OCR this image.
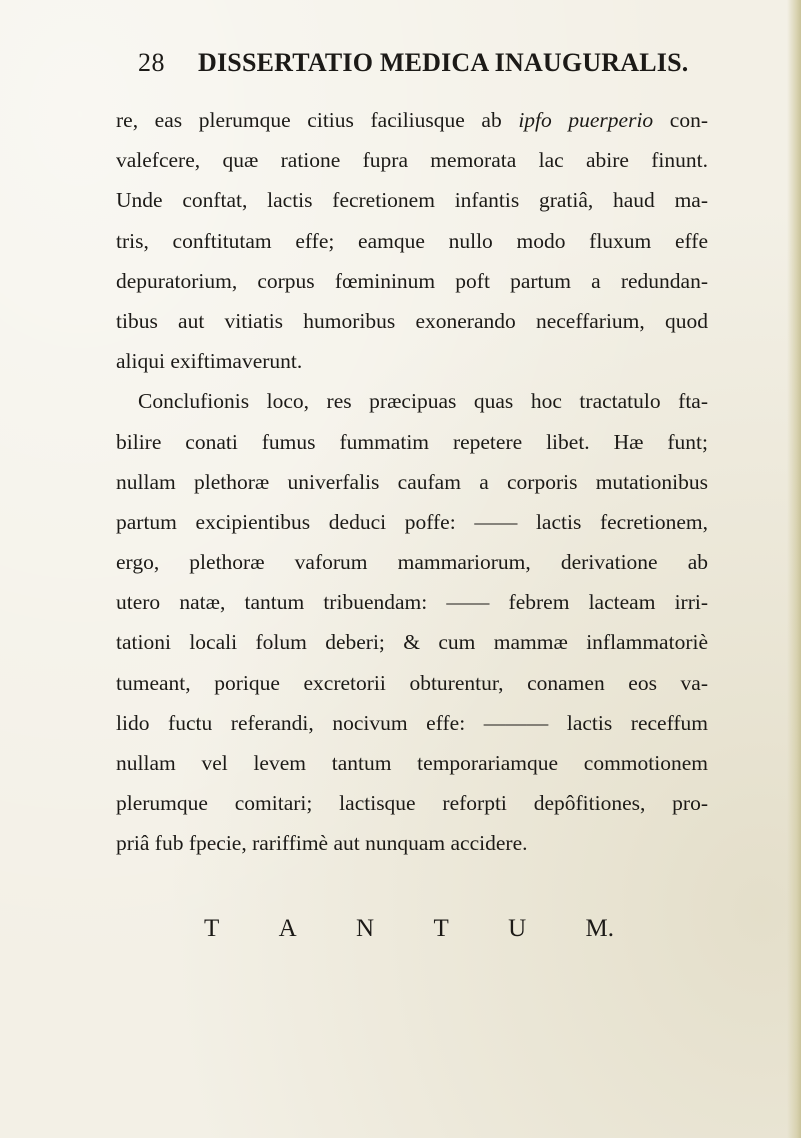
28 DISSERTATIO MEDICA INAUGURALIS.
re, eas plerumque citius faciliusque ab ipfo puerperio con-
valefcere, quæ ratione fupra memorata lac abire finunt.
Unde conftat, lactis fecretionem infantis gratiâ, haud ma-
tris, conftitutam effe; eamque nullo modo fluxum effe
depuratorium, corpus fœmininum poft partum a redundan-
tibus aut vitiatis humoribus exonerando neceffarium, quod
aliqui exiftimaverunt.
Conclufionis loco, res præcipuas quas hoc tractatulo fta-
bilire conati fumus fummatim repetere libet. Hæ funt;
nullam plethoræ univerfalis caufam a corporis mutationibus
partum excipientibus deduci poffe: —— lactis fecretionem,
ergo, plethoræ vaforum mammariorum, derivatione ab
utero natæ, tantum tribuendam: —— febrem lacteam irri-
tationi locali folum deberi; & cum mammæ inflammatoriè
tumeant, porique excretorii obturentur, conamen eos va-
lido fuctu referandi, nocivum effe: ——— lactis receffum
nullam vel levem tantum temporariamque commotionem
plerumque comitari; lactisque reforpti depôfitiones, pro-
priâ fub fpecie, rariffimè aut nunquam accidere.
T A N T U M.
